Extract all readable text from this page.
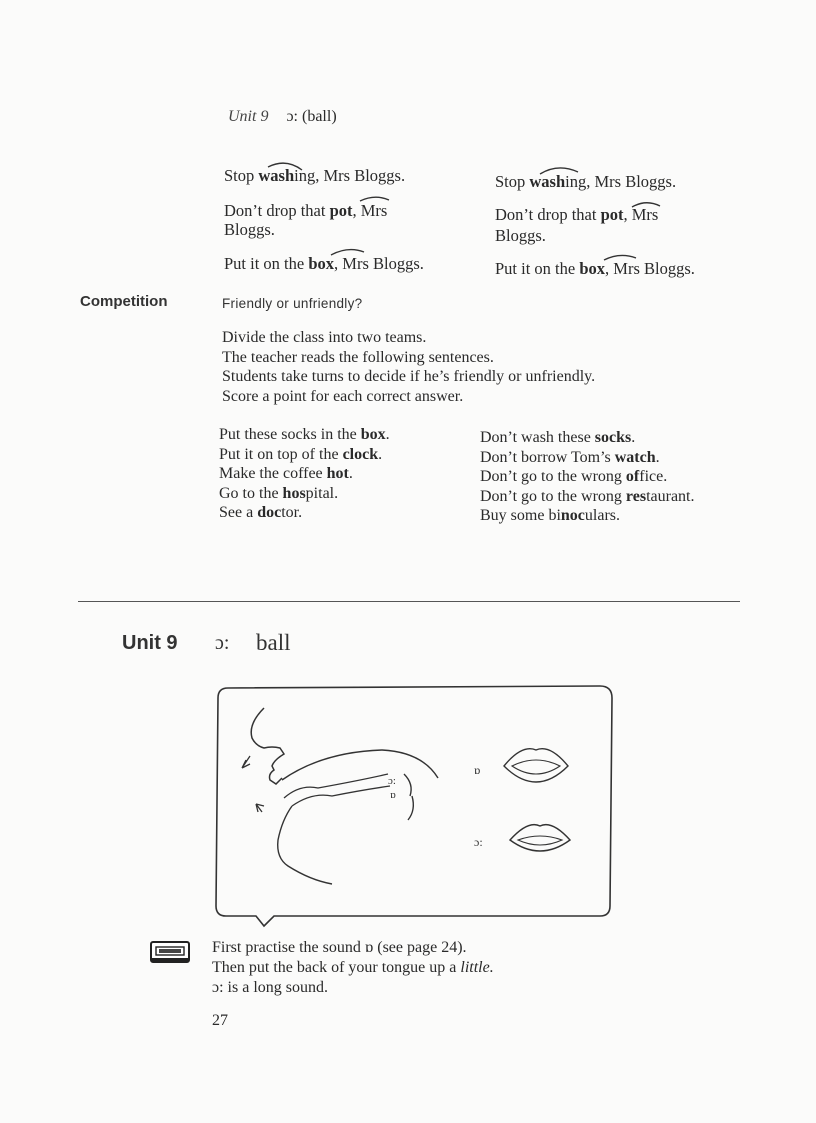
Unit 9 ɔ: (ball)
Stop washing, Mrs Bloggs.
Don’t drop that pot, Mrs
Bloggs.
Put it on the box, Mrs Bloggs.
Stop washing, Mrs Bloggs.
Don’t drop that pot, Mrs
Bloggs.
Put it on the box, Mrs Bloggs.
Competition	Friendly or unfriendly?
Divide the class into two teams.
The teacher reads the following sentences.
Students take turns to decide if he’s friendly or unfriendly.
Score a point for each correct answer.
Put these socks in the box.
Put it on top of the clock.
Make the coffee hot.
Go to the hospital.
See a doctor.
Don’t wash these socks.
Don’t borrow Tom’s watch.
Don’t go to the wrong office.
Don’t go to the wrong restaurant.
Buy some binoculars.
Unit 9 ɔ: ball
ɔ:
ɒ
ɒ
ɔ:
First practise the sound ɒ (see page 24).
Then put the back of your tongue up a little.
ɔ: is a long sound.
27
